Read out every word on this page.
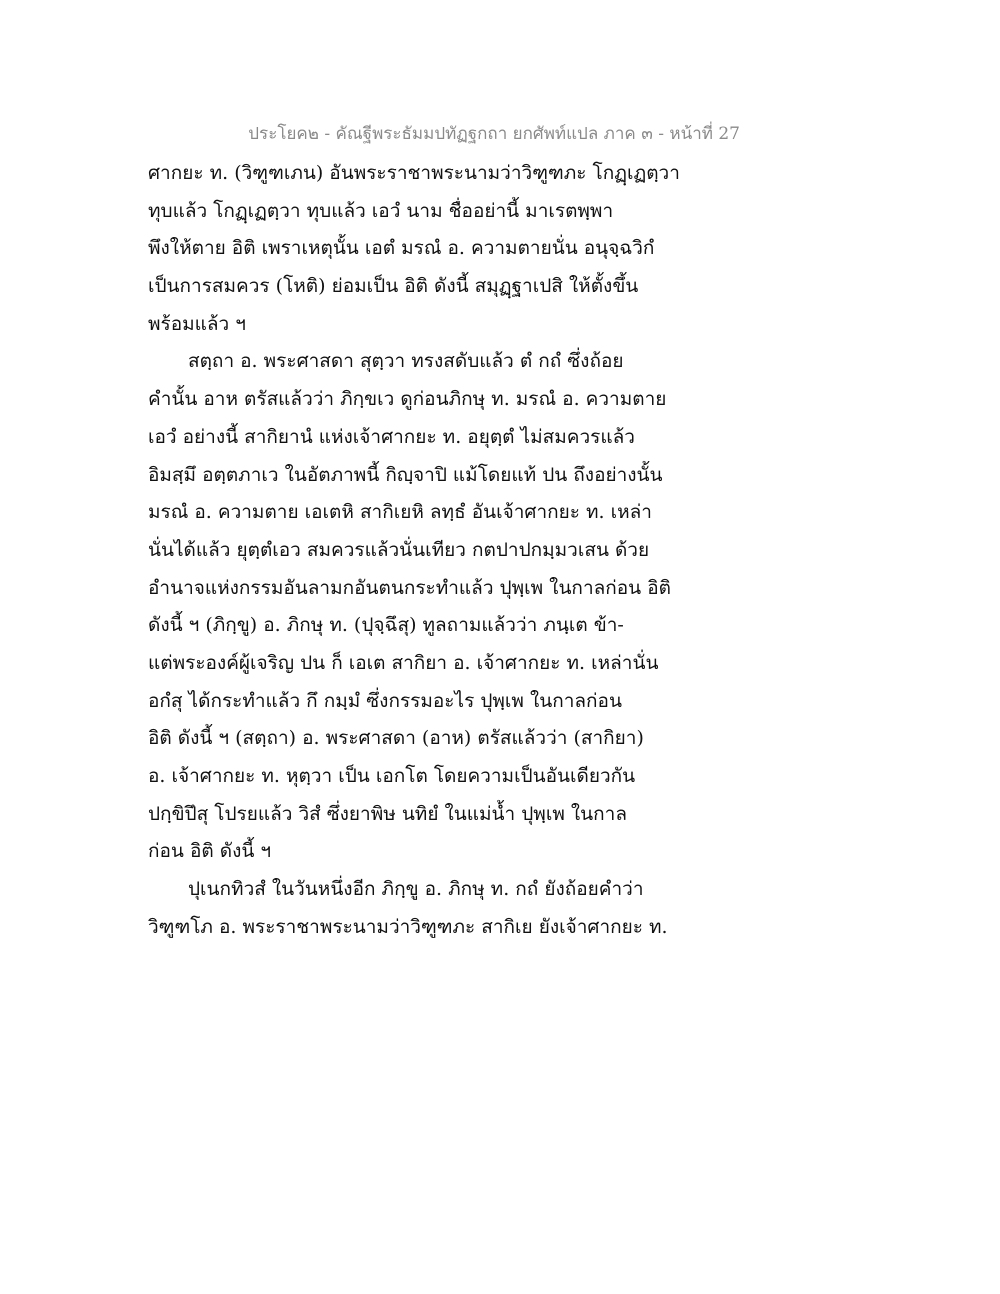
ประโยค๒ - คัณฐีพระธัมมปทัฏฐกถา ยกศัพท์แปล ภาค ๓ - หน้าที่ 27
ศากยะ ท. (วิฑูฑเภน) อันพระราชาพระนามว่าวิฑูฑภะ โกฏฺเฏตฺวา
ทุบแล้ว โกฏฺเฏตฺวา ทุบแล้ว เอวํ นาม ชื่ออย่านี้ มาเรตพฺพา
พึงให้ตาย อิติ เพราเหตุนั้น เอตํ มรณํ อ. ความตายนั่น อนุจฺฉวิกํ
เป็นการสมควร (โหติ) ย่อมเป็น อิติ ดังนี้ สมุฏฺฐาเปสิ ให้ตั้งขึ้น
พร้อมแล้ว ฯ
สตฺถา อ. พระศาสดา สุตฺวา ทรงสดับแล้ว ตํ กถํ ซึ่งถ้อย
คำนั้น อาห ตรัสแล้วว่า ภิกฺขเว ดูก่อนภิกษุ ท. มรณํ อ. ความตาย
เอวํ อย่างนี้ สากิยานํ แห่งเจ้าศากยะ ท. อยุตฺตํ ไม่สมควรแล้ว
อิมสฺมึ อตฺตภาเว ในอัตภาพนี้ กิญฺจาปิ แม้โดยแท้ ปน ถึงอย่างนั้น
มรณํ อ. ความตาย เอเตหิ สากิเยหิ ลทฺธํ อันเจ้าศากยะ ท. เหล่า
นั่นได้แล้ว ยุตฺตํเอว สมควรแล้วนั่นเทียว กตปาปกมฺมวเสน ด้วย
อำนาจแห่งกรรมอันลามกอันตนกระทำแล้ว ปุพฺเพ ในกาลก่อน อิติ
ดังนี้ ฯ (ภิกฺขู) อ. ภิกษุ ท. (ปุจฺฉึสุ) ทูลถามแล้วว่า ภนฺเต ข้า-
แต่พระองค์ผู้เจริญ ปน ก็ เอเต สากิยา อ. เจ้าศากยะ ท. เหล่านั่น
อกํสุ ได้กระทำแล้ว กึ กมฺมํ ซึ่งกรรมอะไร ปุพฺเพ ในกาลก่อน
อิติ ดังนี้ ฯ (สตฺถา) อ. พระศาสดา (อาห) ตรัสแล้วว่า (สากิยา)
อ. เจ้าศากยะ ท. หุตฺวา เป็น เอกโต โดยความเป็นอันเดียวกัน
ปกฺขิปึสุ โปรยแล้ว วิสํ ซึ่งยาพิษ นทิยํ ในแม่น้ำ ปุพฺเพ ในกาล
ก่อน อิติ ดังนี้ ฯ
ปุเนกทิวสํ ในวันหนึ่งอีก ภิกฺขู อ. ภิกษุ ท. กถํ ยังถ้อยคำว่า
วิฑูฑโภ อ. พระราชาพระนามว่าวิฑูฑภะ สากิเย ยังเจ้าศากยะ ท.
